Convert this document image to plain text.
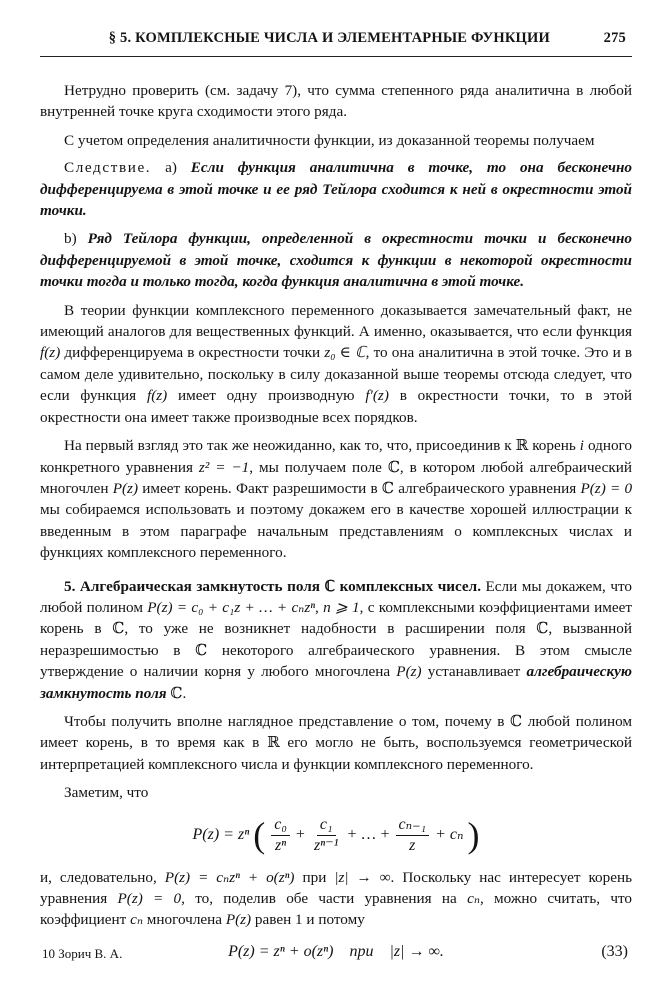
§ 5. КОМПЛЕКСНЫЕ ЧИСЛА И ЭЛЕМЕНТАРНЫЕ ФУНКЦИИ	275

Нетрудно проверить (см. задачу 7), что сумма степенного ряда аналитична в любой внутренней точке круга сходимости этого ряда.

С учетом определения аналитичности функции, из доказанной теоремы получаем

Следствие. a) Если функция аналитична в точке, то она бесконечно дифференцируема в этой точке и ее ряд Тейлора сходится к ней в окрестности этой точки.

b) Ряд Тейлора функции, определенной в окрестности точки и бесконечно дифференцируемой в этой точке, сходится к функции в некоторой окрестности точки тогда и только тогда, когда функция аналитична в этой точке.

В теории функции комплексного переменного доказывается замечательный факт, не имеющий аналогов для вещественных функций. А именно, оказывается, что если функция f(z) дифференцируема в окрестности точки z₀ ∈ ℂ, то она аналитична в этой точке. Это и в самом деле удивительно, поскольку в силу доказанной выше теоремы отсюда следует, что если функция f(z) имеет одну производную f′(z) в окрестности точки, то в этой окрестности она имеет также производные всех порядков.

На первый взгляд это так же неожиданно, как то, что, присоединив к ℝ корень i одного конкретного уравнения z² = −1, мы получаем поле ℂ, в котором любой алгебраический многочлен P(z) имеет корень. Факт разрешимости в ℂ алгебраического уравнения P(z) = 0 мы собираемся использовать и поэтому докажем его в качестве хорошей иллюстрации к введенным в этом параграфе начальным представлениям о комплексных числах и функциях комплексного переменного.

5. Алгебраическая замкнутость поля ℂ комплексных чисел. Если мы докажем, что любой полином P(z) = c₀ + c₁z + … + cₙzⁿ, n ⩾ 1, с комплексными коэффициентами имеет корень в ℂ, то уже не возникнет надобности в расширении поля ℂ, вызванной неразрешимостью в ℂ некоторого алгебраического уравнения. В этом смысле утверждение о наличии корня у любого многочлена P(z) устанавливает алгебраическую замкнутость поля ℂ.

Чтобы получить вполне наглядное представление о том, почему в ℂ любой полином имеет корень, в то время как в ℝ его могло не быть, воспользуемся геометрической интерпретацией комплексного числа и функции комплексного переменного.

Заметим, что

P(z) = zⁿ ( $\frac{\text{c₀}}{\text{zⁿ}} + \frac{\text{c₁}}{\text{zⁿ⁻¹}}$ + … + $\frac{\text{cₙ₋₁}}{z} + c_n$ )

и, следовательно, P(z) = cₙzⁿ + o(zⁿ) при |z| → ∞. Поскольку нас интересует корень уравнения P(z) = 0, то, поделив обе части уравнения на cₙ, можно считать, что коэффициент cₙ многочлена P(z) равен 1 и потому

P(z) = zⁿ + o(zⁿ)    при    |z| → ∞.	(33)
10 Зорич В. А.
